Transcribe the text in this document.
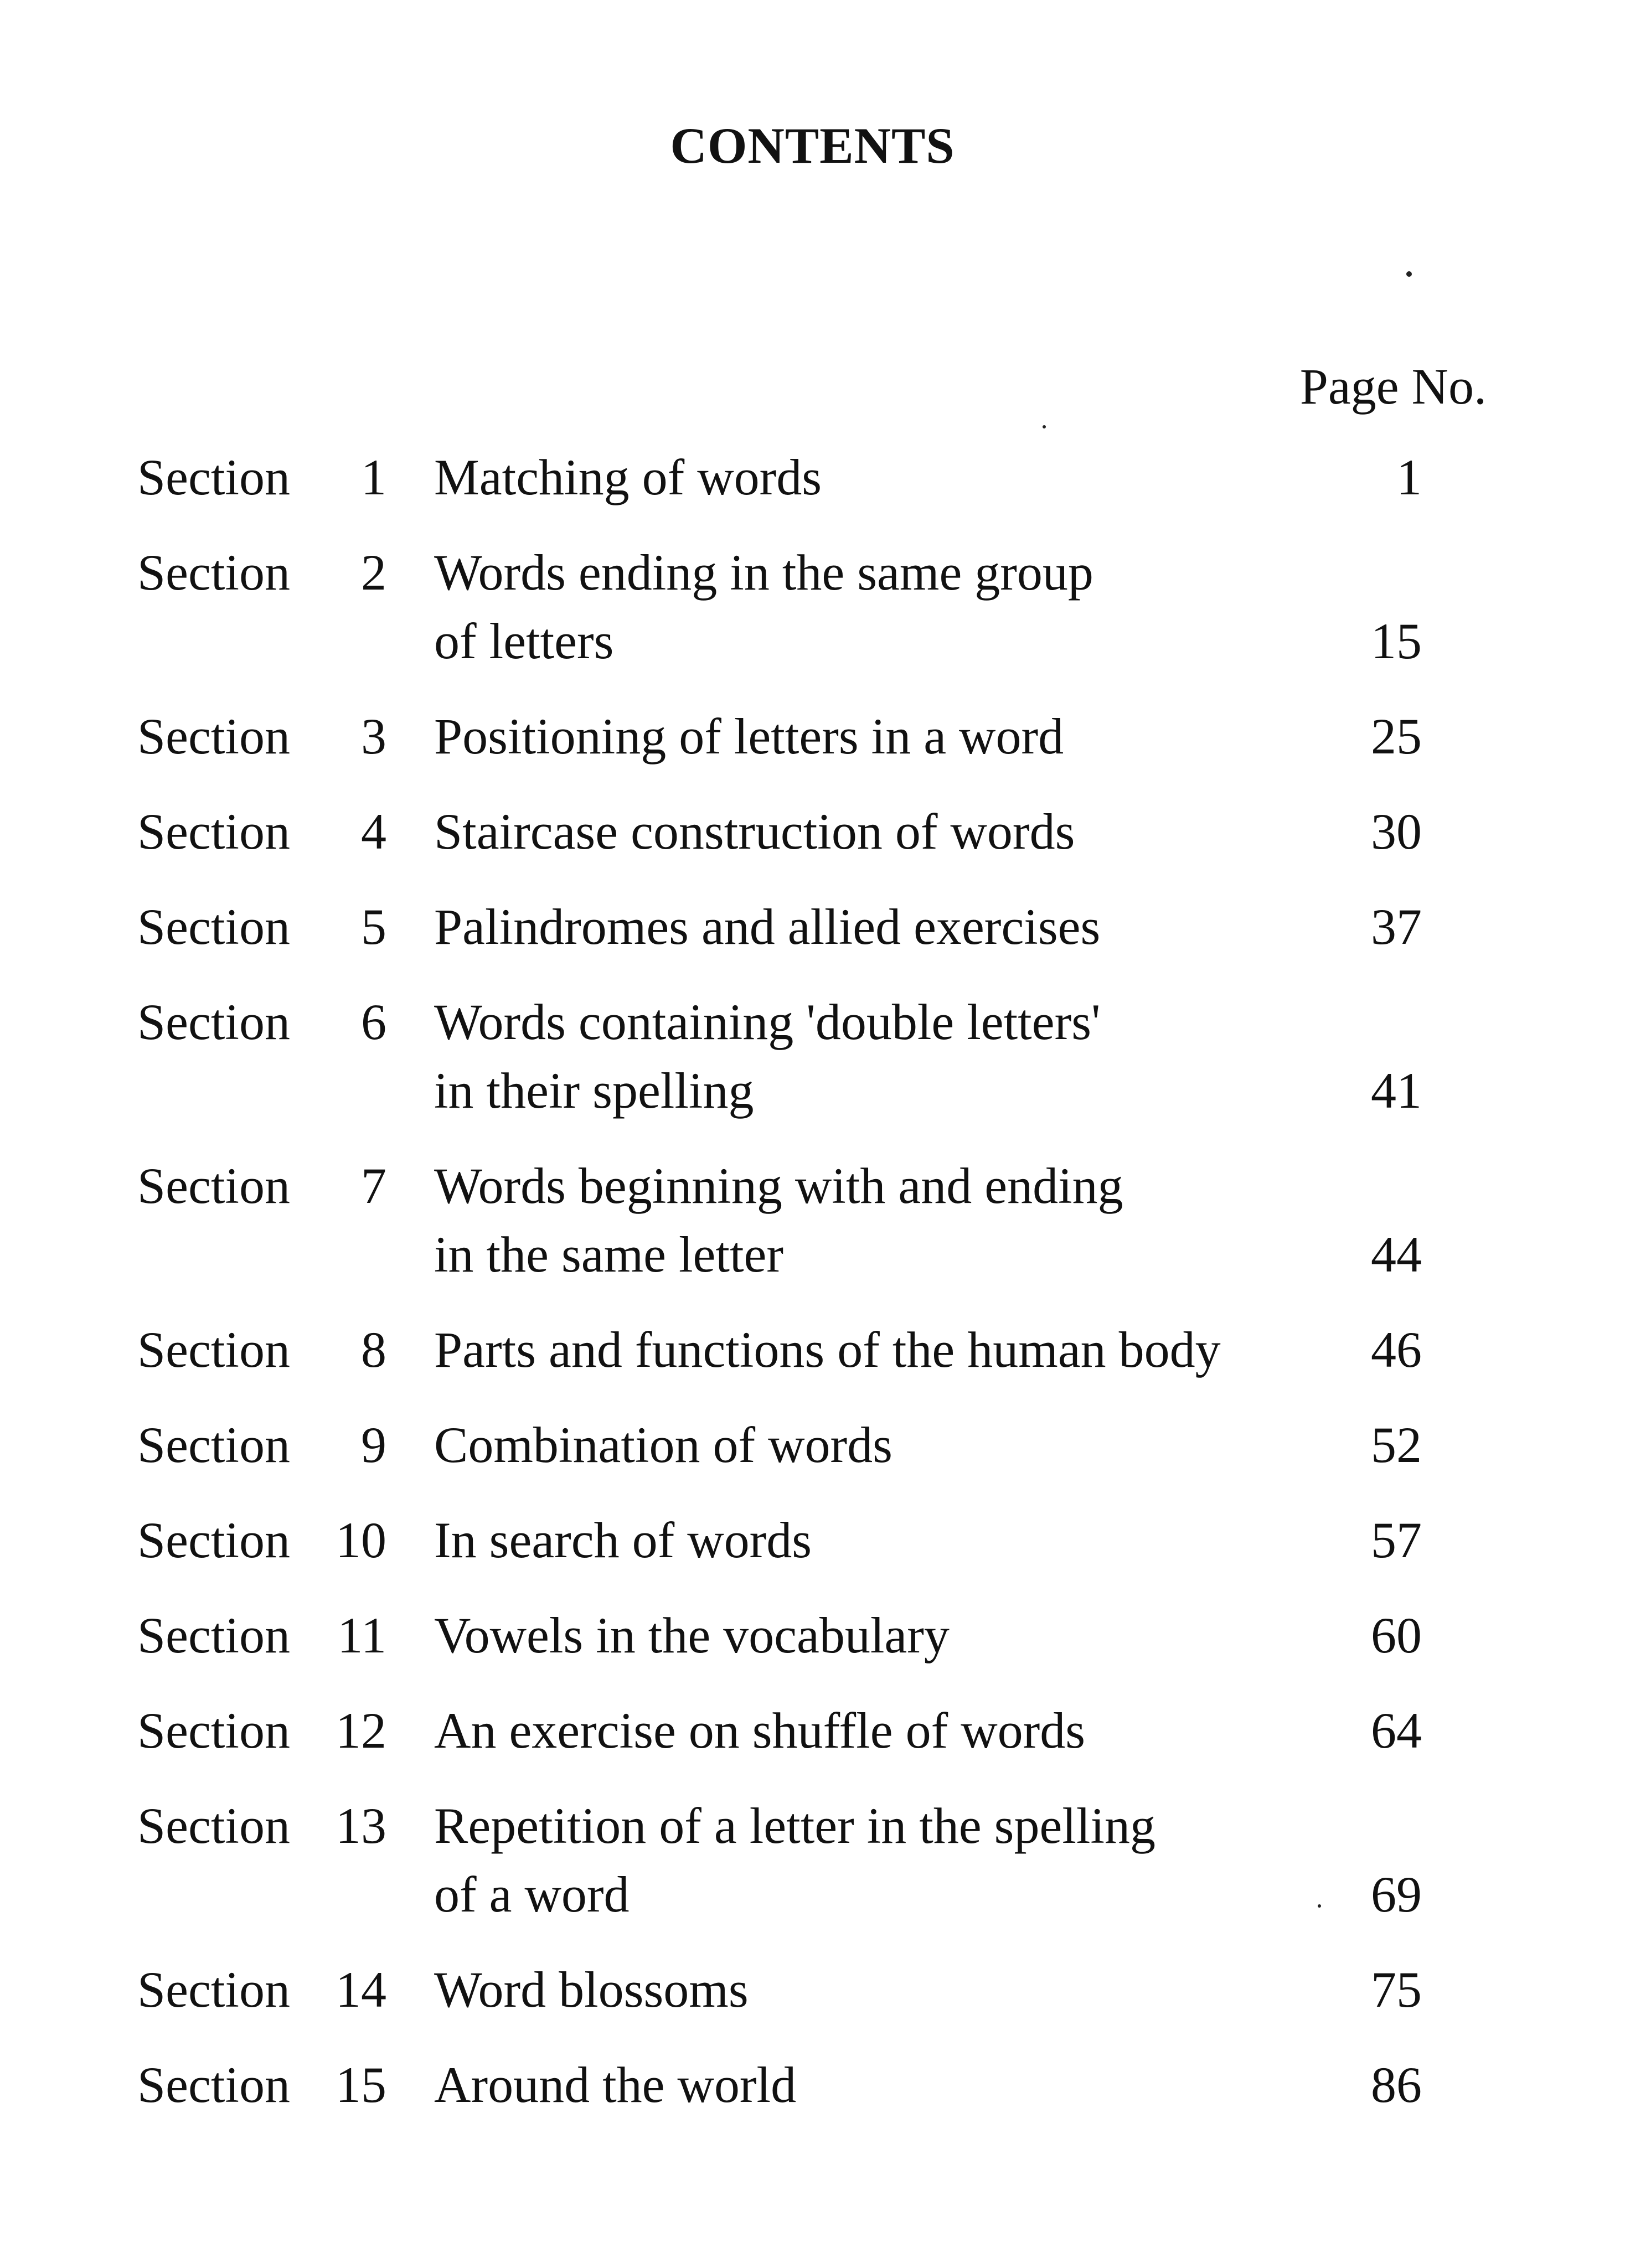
CONTENTS
Page No.
Section	1 Matching of words	1
Section	2 Words ending in the same group
of letters	15
Section	3 Positioning of letters in a word	25
Section	4 Staircase construction of words	30
Section	5 Palindromes and allied exercises	37
Section	6 Words containing 'double letters'
in their spelling	41
Section	7 Words beginning with and ending
in the same letter	44
Section	8 Parts and functions of the human body	46
Section	9 Combination of words	52
Section 10 In search of words	57
Section 11 Vowels in the vocabulary	60
Section 12 An exercise on shuffle of words	64
Section 13 Repetition of a letter in the spelling
of a word	69
Section 14 Word blossoms	75
Section 15 Around the world	86
